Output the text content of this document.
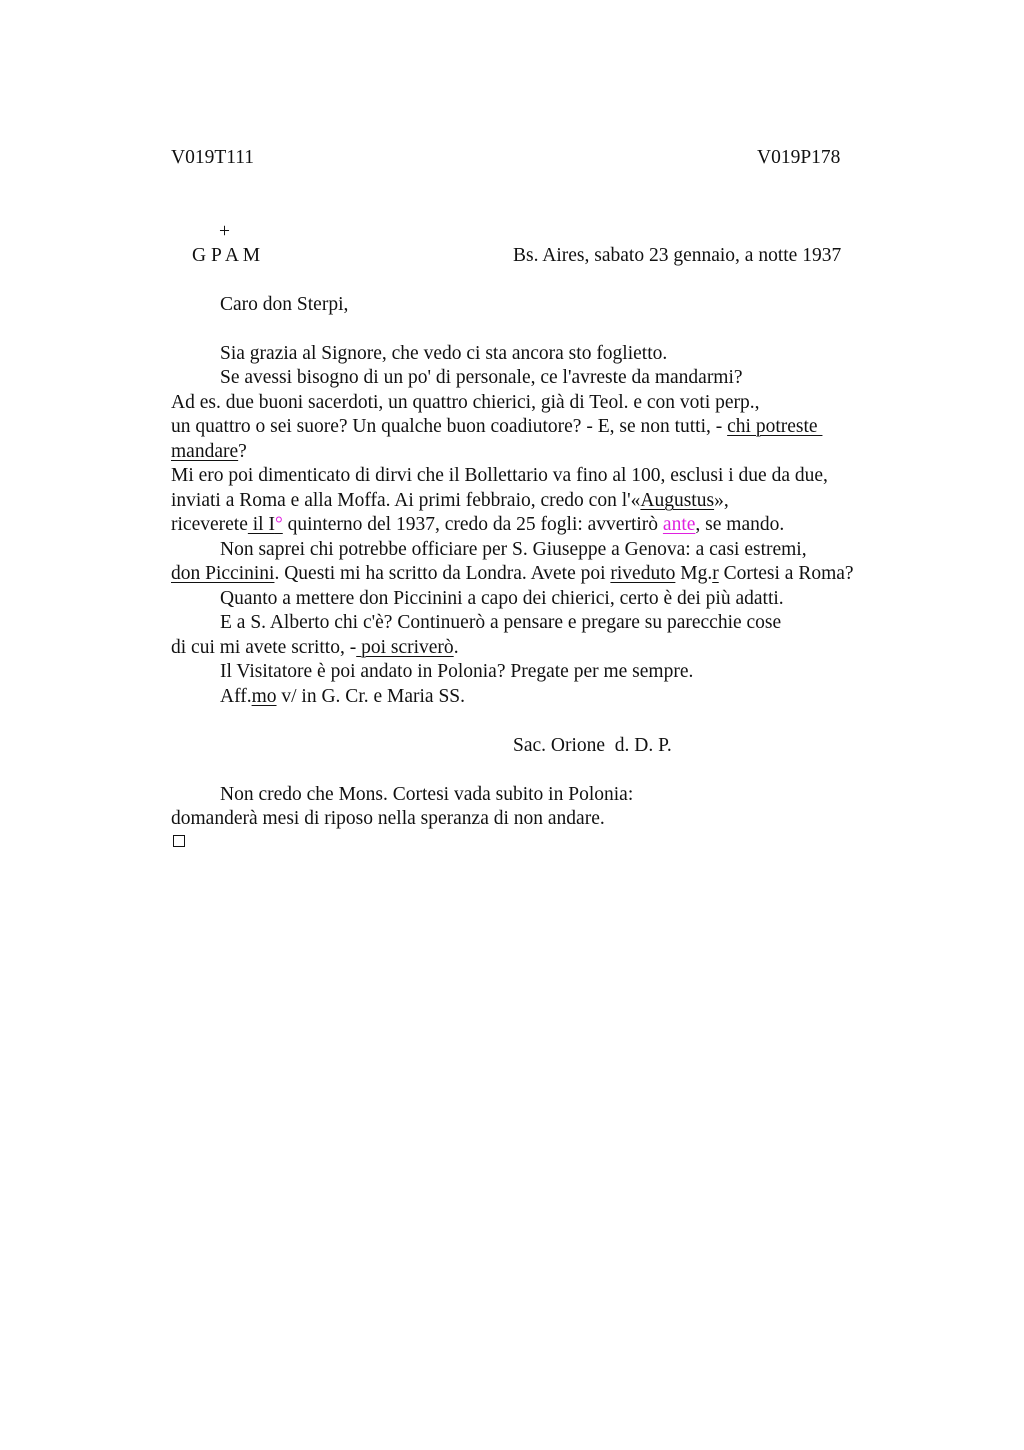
V019T111	V019P178
+
G P A M	Bs. Aires, sabato 23 gennaio, a notte 1937
Caro don Sterpi,
Sia grazia al Signore, che vedo ci sta ancora sto foglietto.
Se avessi bisogno di un po' di personale, ce l'avreste da mandarmi?
Ad es. due buoni sacerdoti, un quattro chierici, già di Teol. e con voti perp.,
un quattro o sei suore? Un qualche buon coadiutore? - E, se non tutti, - chi potreste
mandare?
Mi ero poi dimenticato di dirvi che il Bollettario va fino al 100, esclusi i due da due,
inviati a Roma e alla Moffa. Ai primi febbraio, credo con l'«Augustus»,
riceverete il I° quinterno del 1937, credo da 25 fogli: avvertirò ante, se mando.
Non saprei chi potrebbe officiare per S. Giuseppe a Genova: a casi estremi,
don Piccinini. Questi mi ha scritto da Londra. Avete poi riveduto Mg.r Cortesi a Roma?
Quanto a mettere don Piccinini a capo dei chierici, certo è dei più adatti.
E a S. Alberto chi c'è? Continuerò a pensare e pregare su parecchie cose
di cui mi avete scritto, - poi scriverò.
Il Visitatore è poi andato in Polonia? Pregate per me sempre.
Aff.mo v/ in G. Cr. e Maria SS.
Sac. Orione  d. D. P.
Non credo che Mons. Cortesi vada subito in Polonia:
domanderà mesi di riposo nella speranza di non andare.
